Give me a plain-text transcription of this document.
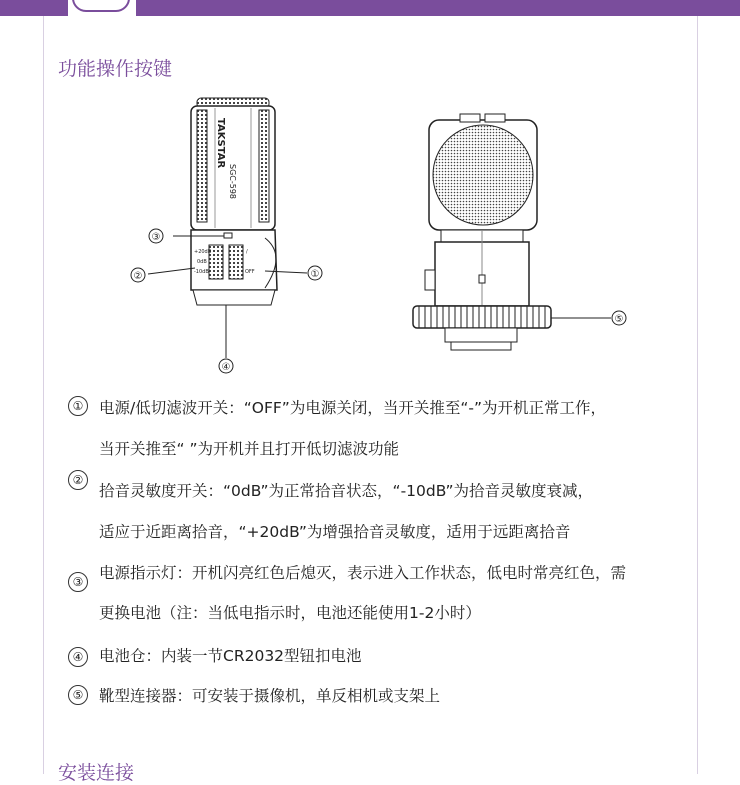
功能操作按键
TAKSTAR
SGC-598
+20dB
0dB
-10dB
/
OFF
③
②	①
④
⑤
① 电源/低切滤波开关：“OFF”为电源关闭，当开关推至“-”为开机正常工作，
当开关推至“ ”为开机并且打开低切滤波功能
②
拾音灵敏度开关：“0dB”为正常拾音状态，“-10dB”为拾音灵敏度衰减，
适应于近距离拾音，“+20dB”为增强拾音灵敏度，适用于远距离拾音
③ 电源指示灯：开机闪亮红色后熄灭，表示进入工作状态，低电时常亮红色，需
更换电池（注：当低电指示时，电池还能使用1-2小时）
④ 电池仓：内装一节CR2032型钮扣电池
⑤ 靴型连接器：可安装于摄像机，单反相机或支架上
安装连接
